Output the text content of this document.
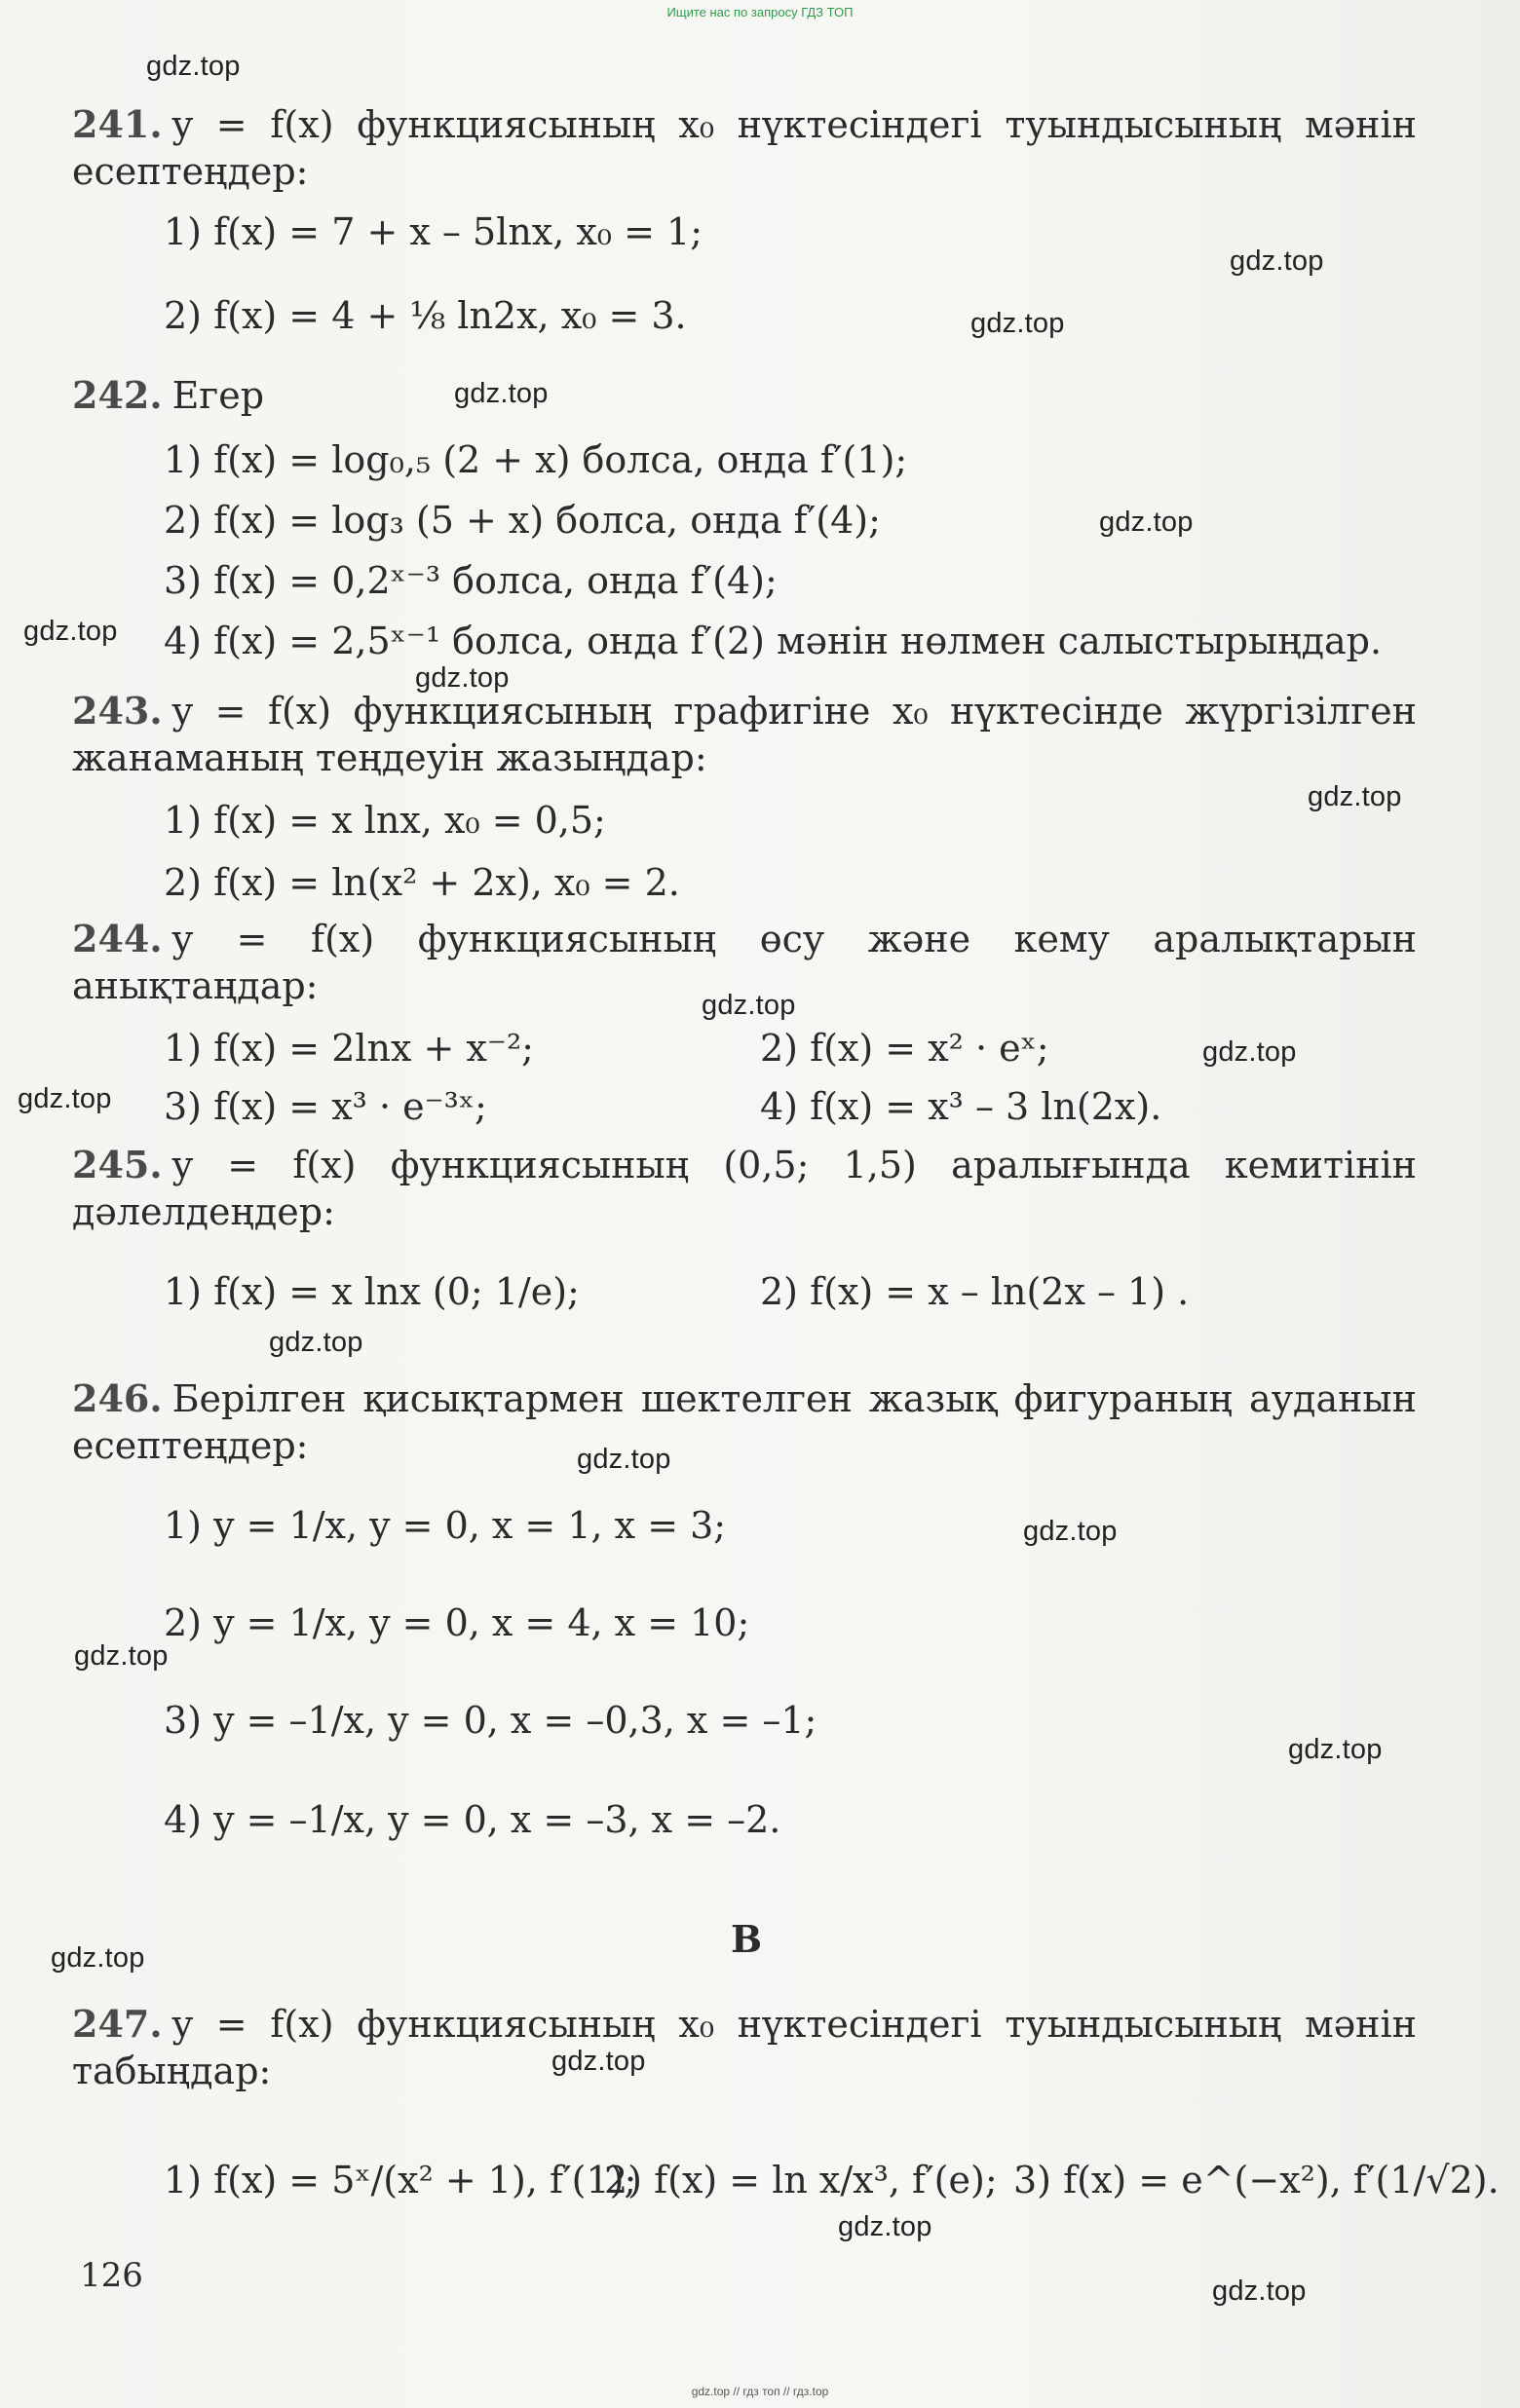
Ищите нас по запросу ГДЗ ТОП
gdz.top
gdz.top
gdz.top
gdz.top
gdz.top
gdz.top
gdz.top
gdz.top
gdz.top
gdz.top
gdz.top
gdz.top
gdz.top
gdz.top
gdz.top
gdz.top
gdz.top
gdz.top
gdz.top
gdz.top
241. y = f(x) функциясының x₀ нүктесіндегі туындысының мәнін есептеңдер:
1) f(x) = 7 + x – 5lnx, x₀ = 1;
2) f(x) = 4 + ⅛ ln2x, x₀ = 3.
242. Егер
1) f(x) = log₀,₅ (2 + x) болса, онда f′(1);
2) f(x) = log₃ (5 + x) болса, онда f′(4);
3) f(x) = 0,2ˣ⁻³ болса, онда f′(4);
4) f(x) = 2,5ˣ⁻¹ болса, онда f′(2) мәнін нөлмен салыстырыңдар.
243. y = f(x) функциясының графигіне x₀ нүктесінде жүргізілген жанаманың теңдеуін жазыңдар:
1) f(x) = x lnx, x₀ = 0,5;
2) f(x) = ln(x² + 2x), x₀ = 2.
244. y = f(x) функциясының өсу және кему аралықтарын анықтаңдар:
1) f(x) = 2lnx + x⁻²;	2) f(x) = x² · eˣ;
3) f(x) = x³ · e⁻³ˣ;	4) f(x) = x³ – 3 ln(2x).
245. y = f(x) функциясының (0,5; 1,5) аралығында кемитінін дәлелдеңдер:
1) f(x) = x lnx (0; 1/e);	2) f(x) = x – ln(2x – 1) .
246. Берілген қисықтармен шектелген жазық фигураның ауданын есептеңдер:
1) y = 1/x, y = 0, x = 1, x = 3;
2) y = 1/x, y = 0, x = 4, x = 10;
3) y = –1/x, y = 0, x = –0,3, x = –1;
4) y = –1/x, y = 0, x = –3, x = –2.
В
247. y = f(x) функциясының x₀ нүктесіндегі туындысының мәнін табыңдар:
1) f(x) = 5ˣ/(x² + 1), f′(1);
2) f(x) = ln x/x³, f′(e); 3) f(x) = e^(−x²), f′(1/√2).
126
gdz.top // гдз топ // гдз.top
